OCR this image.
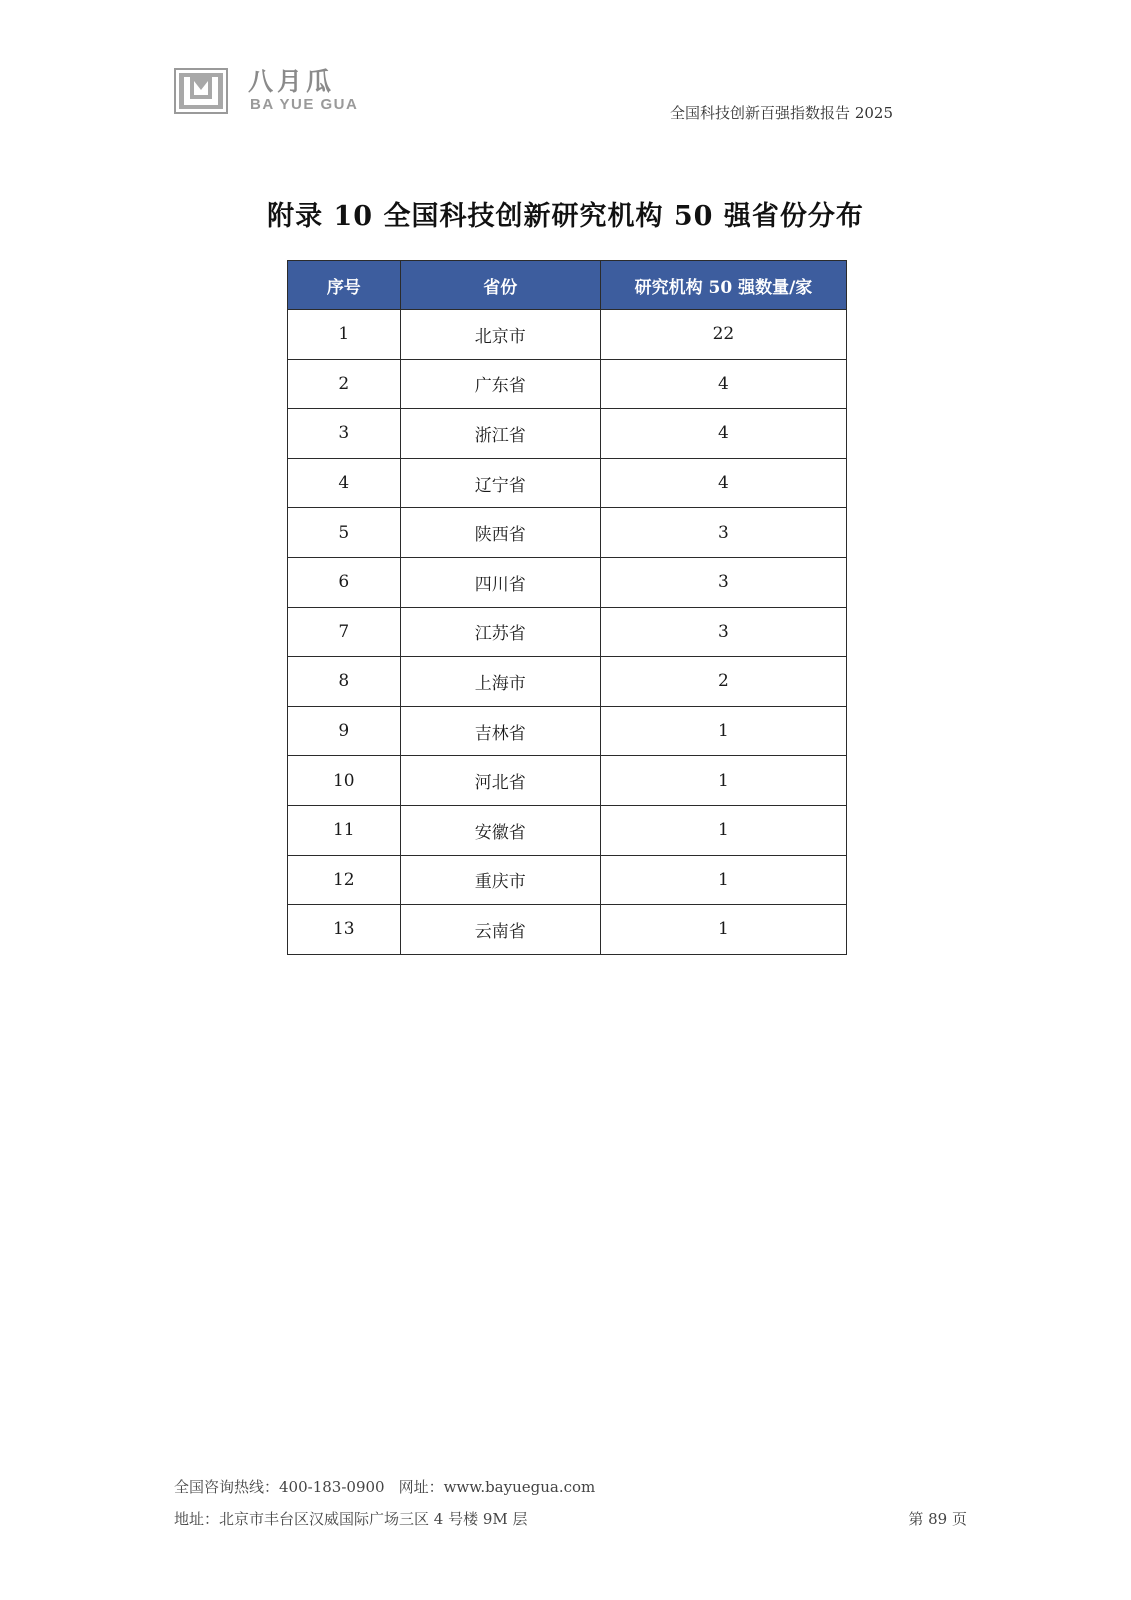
八月瓜
BA YUE GUA	全国科技创新百强指数报告 2025
附录 10 全国科技创新研究机构 50 强省份分布
序号	省份	研究机构 50 强数量/家
1	北京市	22
2	广东省	4
3	浙江省	4
4	辽宁省	4
5	陕西省	3
6	四川省	3
7	江苏省	3
8	上海市	2
9	吉林省	1
10	河北省	1
11	安徽省	1
12	重庆市	1
13	云南省	1
全国咨询热线：400-183-0900 网址：www.bayuegua.com
地址：北京市丰台区汉威国际广场三区 4 号楼 9M 层	第 89 页
